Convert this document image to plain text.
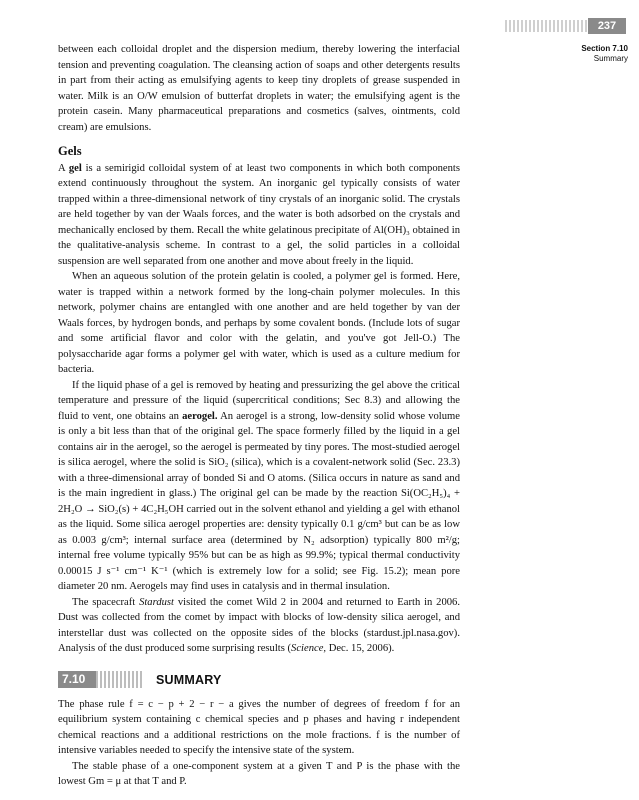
237
Section 7.10
Summary

between each colloidal droplet and the dispersion medium, thereby lowering the interfacial tension and preventing coagulation. The cleansing action of soaps and other detergents results in part from their acting as emulsifying agents to keep tiny droplets of grease suspended in water. Milk is an O/W emulsion of butterfat droplets in water; the emulsifying agent is the protein casein. Many pharmaceutical preparations and cosmetics (salves, ointments, cold cream) are emulsions.

Gels

A gel is a semirigid colloidal system of at least two components in which both components extend continuously throughout the system. An inorganic gel typically consists of water trapped within a three-dimensional network of tiny crystals of an inorganic solid. The crystals are held together by van der Waals forces, and the water is both adsorbed on the crystals and mechanically enclosed by them. Recall the white gelatinous precipitate of Al(OH)₃ obtained in the qualitative-analysis scheme. In contrast to a gel, the solid particles in a colloidal suspension are well separated from one another and move about freely in the liquid.

When an aqueous solution of the protein gelatin is cooled, a polymer gel is formed. Here, water is trapped within a network formed by the long-chain polymer molecules. In this network, polymer chains are entangled with one another and are held together by van der Waals forces, by hydrogen bonds, and perhaps by some covalent bonds. (Include lots of sugar and some artificial flavor and color with the gelatin, and you've got Jell-O.) The polysaccharide agar forms a polymer gel with water, which is used as a culture medium for bacteria.

If the liquid phase of a gel is removed by heating and pressurizing the gel above the critical temperature and pressure of the liquid (supercritical conditions; Sec 8.3) and allowing the fluid to vent, one obtains an aerogel. An aerogel is a strong, low-density solid whose volume is only a bit less than that of the original gel. The space formerly filled by the liquid in a gel contains air in the aerogel, so the aerogel is permeated by tiny pores. The most-studied aerogel is silica aerogel, where the solid is SiO₂ (silica), which is a covalent-network solid (Sec. 23.3) with a three-dimensional array of bonded Si and O atoms. (Silica occurs in nature as sand and is the main ingredient in glass.) The original gel can be made by the reaction Si(OC₂H₅)₄ + 2H₂O → SiO₂(s) + 4C₂H₅OH carried out in the solvent ethanol and yielding a gel with ethanol as the liquid. Some silica aerogel properties are: density typically 0.1 g/cm³ but can be as low as 0.003 g/cm³; internal surface area (determined by N₂ adsorption) typically 800 m²/g; internal free volume typically 95% but can be as high as 99.9%; typical thermal conductivity 0.00015 J s⁻¹ cm⁻¹ K⁻¹ (which is extremely low for a solid; see Fig. 15.2); mean pore diameter 20 nm. Aerogels may find uses in catalysis and in thermal insulation.

The spacecraft Stardust visited the comet Wild 2 in 2004 and returned to Earth in 2006. Dust was collected from the comet by impact with blocks of low-density silica aerogel, and interstellar dust was collected on the opposite sides of the blocks (stardust.jpl.nasa.gov). Analysis of the dust produced some surprising results (Science, Dec. 15, 2006).

7.10	SUMMARY

The phase rule f = c − p + 2 − r − a gives the number of degrees of freedom f for an equilibrium system containing c chemical species and p phases and having r independent chemical reactions and a additional restrictions on the mole fractions. f is the number of intensive variables needed to specify the intensive state of the system.

The stable phase of a one-component system at a given T and P is the phase with the lowest Gm = μ at that T and P.
